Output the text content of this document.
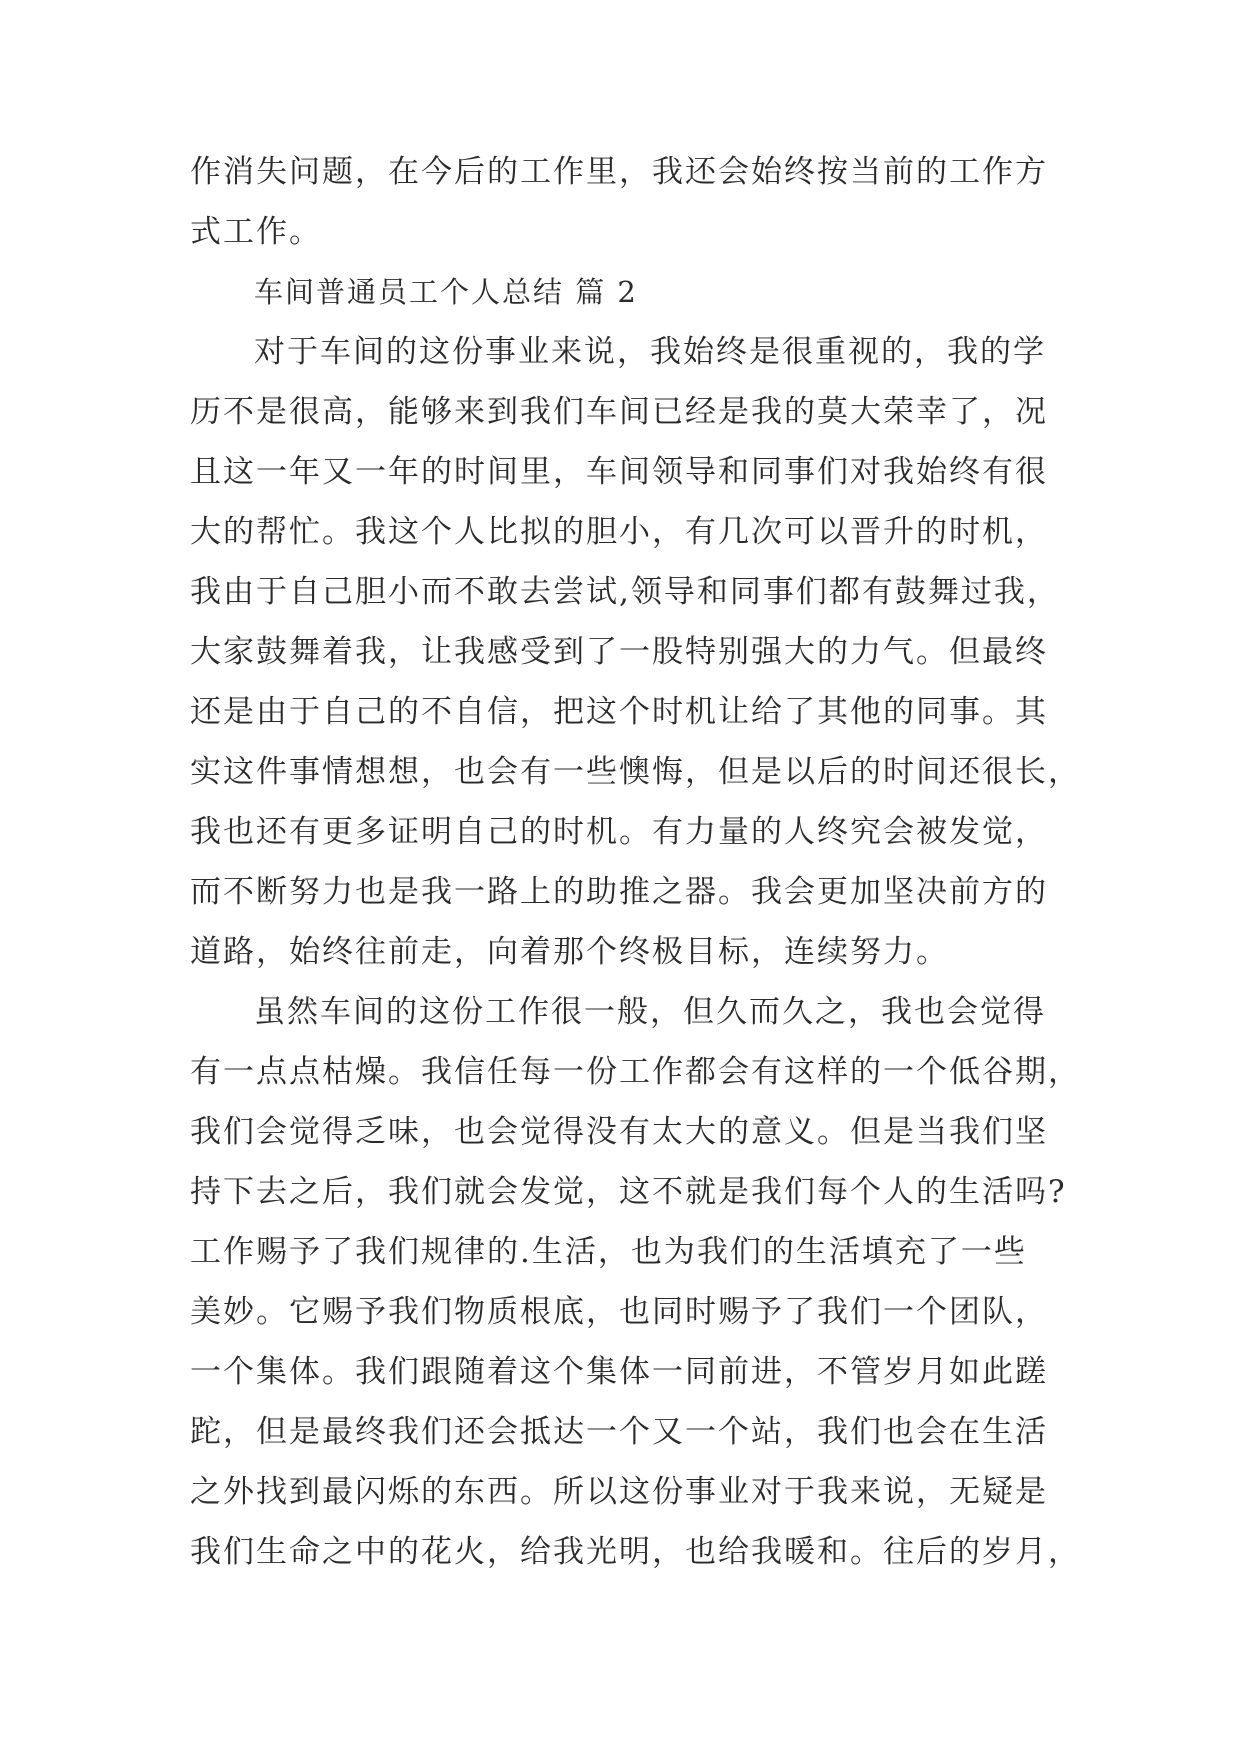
作消失问题，在今后的工作里，我还会始终按当前的工作方
式工作。
车间普通员工个人总结 篇 2
对于车间的这份事业来说，我始终是很重视的，我的学
历不是很高，能够来到我们车间已经是我的莫大荣幸了，况
且这一年又一年的时间里，车间领导和同事们对我始终有很
大的帮忙。我这个人比拟的胆小，有几次可以晋升的时机，
我由于自己胆小而不敢去尝试,领导和同事们都有鼓舞过我，
大家鼓舞着我，让我感受到了一股特别强大的力气。但最终
还是由于自己的不自信，把这个时机让给了其他的同事。其
实这件事情想想，也会有一些懊悔，但是以后的时间还很长，
我也还有更多证明自己的时机。有力量的人终究会被发觉，
而不断努力也是我一路上的助推之器。我会更加坚决前方的
道路，始终往前走，向着那个终极目标，连续努力。
虽然车间的这份工作很一般，但久而久之，我也会觉得
有一点点枯燥。我信任每一份工作都会有这样的一个低谷期，
我们会觉得乏味，也会觉得没有太大的意义。但是当我们坚
持下去之后，我们就会发觉，这不就是我们每个人的生活吗?
工作赐予了我们规律的.生活，也为我们的生活填充了一些
美妙。它赐予我们物质根底，也同时赐予了我们一个团队，
一个集体。我们跟随着这个集体一同前进，不管岁月如此蹉
跎，但是最终我们还会抵达一个又一个站，我们也会在生活
之外找到最闪烁的东西。所以这份事业对于我来说，无疑是
我们生命之中的花火，给我光明，也给我暖和。往后的岁月，
